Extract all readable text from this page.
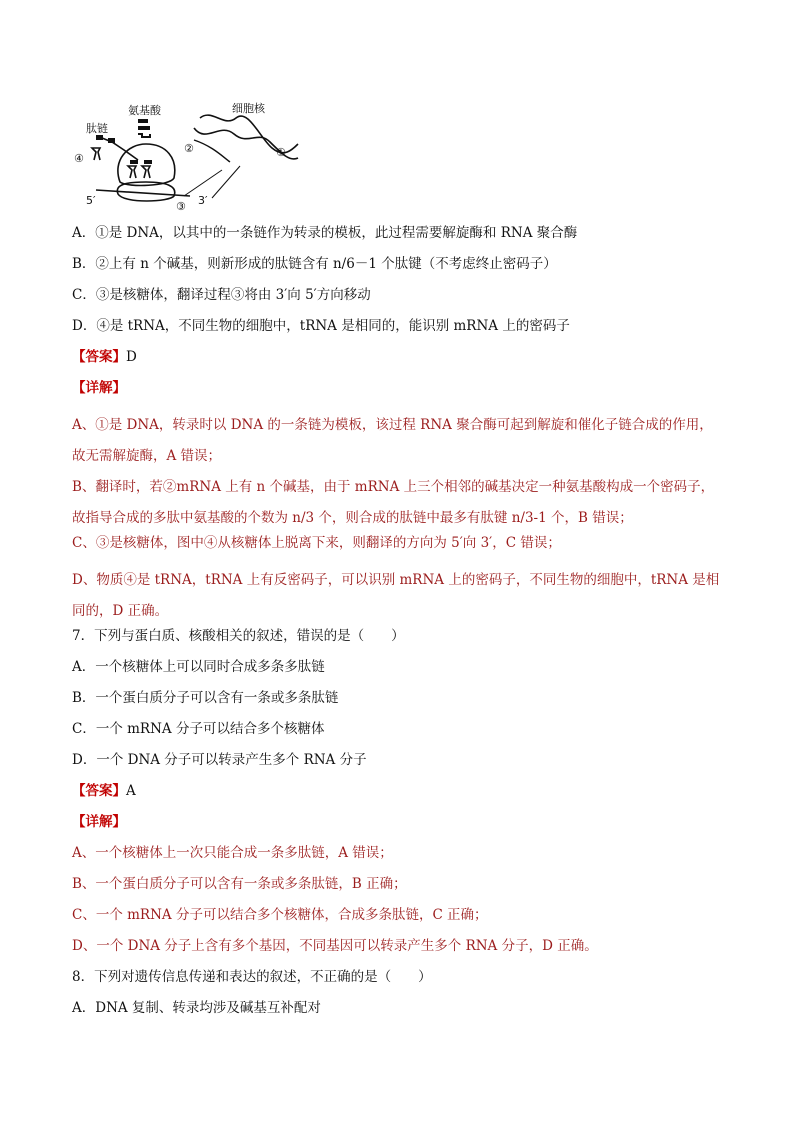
肽链
氨基酸	细胞核
①
②
③
④
5′	3′
A．①是 DNA，以其中的一条链作为转录的模板，此过程需要解旋酶和 RNA 聚合酶
B．②上有 n 个碱基，则新形成的肽链含有 n/6－1 个肽键（不考虑终止密码子）
C．③是核糖体，翻译过程③将由 3′向 5′方向移动
D．④是 tRNA，不同生物的细胞中，tRNA 是相同的，能识别 mRNA 上的密码子
【答案】D
【详解】
A、①是 DNA，转录时以 DNA 的一条链为模板，该过程 RNA 聚合酶可起到解旋和催化子链合成的作用，故无需解旋酶，A 错误；
B、翻译时，若②mRNA 上有 n 个碱基，由于 mRNA 上三个相邻的碱基决定一种氨基酸构成一个密码子，故指导合成的多肽中氨基酸的个数为 n/3 个，则合成的肽链中最多有肽键 n/3-1 个，B 错误；
C、③是核糖体，图中④从核糖体上脱离下来，则翻译的方向为 5′向 3′，C 错误；
D、物质④是 tRNA，tRNA 上有反密码子，可以识别 mRNA 上的密码子，不同生物的细胞中，tRNA 是相同的，D 正确。
7．下列与蛋白质、核酸相关的叙述，错误的是（　　）
A．一个核糖体上可以同时合成多条多肽链
B．一个蛋白质分子可以含有一条或多条肽链
C．一个 mRNA 分子可以结合多个核糖体
D．一个 DNA 分子可以转录产生多个 RNA 分子
【答案】A
【详解】
A、一个核糖体上一次只能合成一条多肽链，A 错误；
B、一个蛋白质分子可以含有一条或多条肽链，B 正确；
C、一个 mRNA 分子可以结合多个核糖体，合成多条肽链，C 正确；
D、一个 DNA 分子上含有多个基因，不同基因可以转录产生多个 RNA 分子，D 正确。
8．下列对遗传信息传递和表达的叙述，不正确的是（　　）
A．DNA 复制、转录均涉及碱基互补配对
